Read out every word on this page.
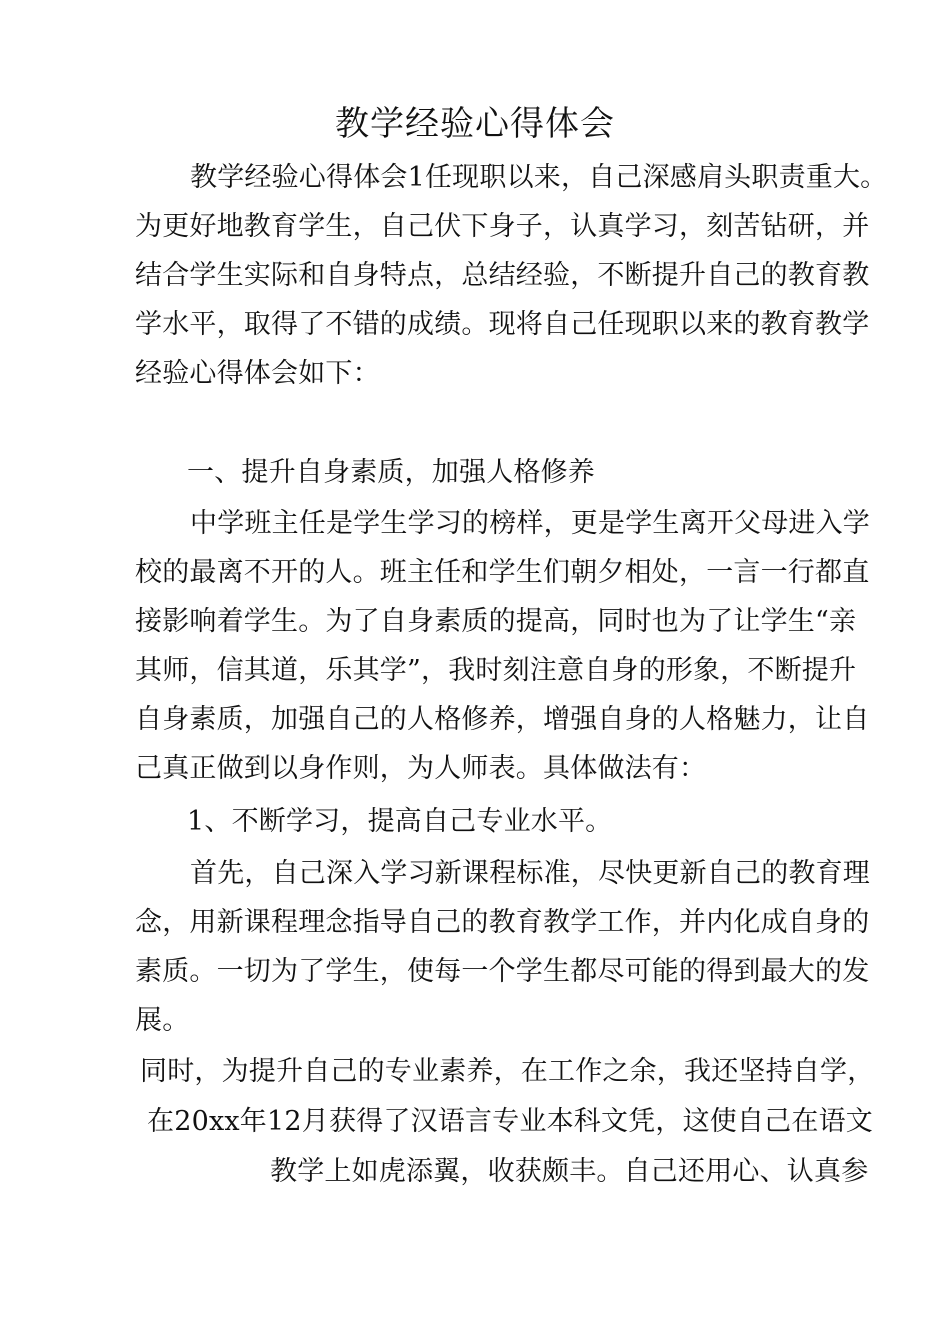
教学经验心得体会
教学经验心得体会1任现职以来，自己深感肩头职责重大。
为更好地教育学生，自己伏下身子，认真学习，刻苦钻研，并
结合学生实际和自身特点，总结经验，不断提升自己的教育教
学水平，取得了不错的成绩。现将自己任现职以来的教育教学
经验心得体会如下：
一、提升自身素质，加强人格修养
中学班主任是学生学习的榜样，更是学生离开父母进入学
校的最离不开的人。班主任和学生们朝夕相处，一言一行都直
接影响着学生。为了自身素质的提高，同时也为了让学生“亲
其师，信其道，乐其学”，我时刻注意自身的形象，不断提升
自身素质，加强自己的人格修养，增强自身的人格魅力，让自
己真正做到以身作则，为人师表。具体做法有：
1、不断学习，提高自己专业水平。
首先，自己深入学习新课程标准，尽快更新自己的教育理
念，用新课程理念指导自己的教育教学工作，并内化成自身的
素质。一切为了学生，使每一个学生都尽可能的得到最大的发
展。
同时，为提升自己的专业素养，在工作之余，我还坚持自学，
在20xx年12月获得了汉语言专业本科文凭，这使自己在语文
教学上如虎添翼，收获颇丰。自己还用心、认真参
